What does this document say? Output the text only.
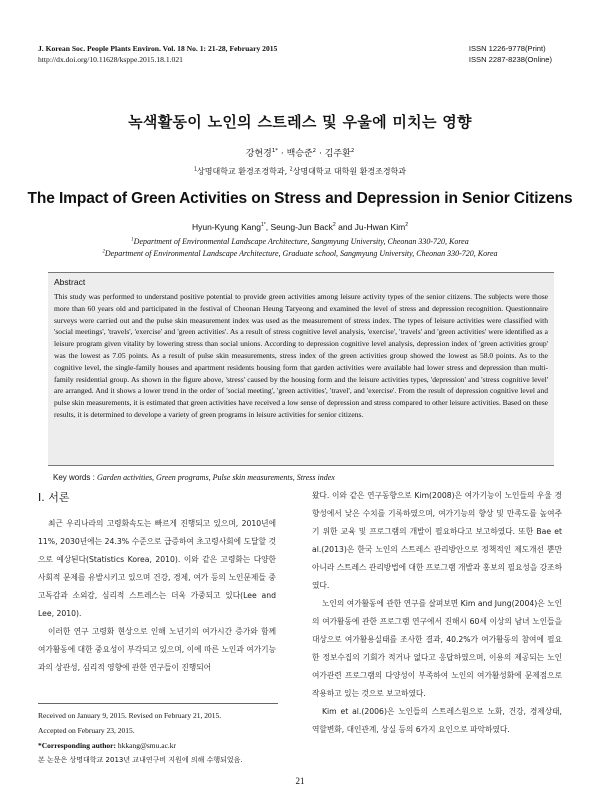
J. Korean Soc. People Plants Environ. Vol. 18 No. 1: 21-28, February 2015
http://dx.doi.org/10.11628/ksppe.2015.18.1.021
ISSN 1226-9778(Print)
ISSN 2287-8238(Online)
녹색활동이 노인의 스트레스 및 우울에 미치는 영향
강현경$^{1*}$ · 백승준$^2$ · 김주환$^2$
$^1$상명대학교 환경조경학과, $^2$상명대학교 대학원 환경조경학과
The Impact of Green Activities on Stress and Depression in Senior Citizens
Hyun-Kyung Kang$^{1*}$, Seung-Jun Back$^2$ and Ju-Hwan Kim$^2$
$^1$Department of Environmental Landscape Architecture, Sangmyung University, Cheonan 330-720, Korea
$^2$Department of Environmental Landscape Architecture, Graduate school, Sangmyung University, Cheonan 330-720, Korea
Abstract
This study was performed to understand positive potential to provide green activities among leisure activity types of the senior citizens. The subjects were those more than 60 years old and participated in the festival of Cheonan Heung Taryeong and examined the level of stress and depression recognition. Questionnaire surveys were carried out and the pulse skin measurement index was used as the measurement of stress index. The types of leisure activities were classified with 'social meetings', 'travels', 'exercise' and 'green activities'. As a result of stress cognitive level analysis, 'exercise', 'travels' and 'green activities' were identified as a leisure program given vitality by lowering stress than social unions. According to depression cognitive level analysis, depression index of 'green activities group' was the lowest as 7.05 points. As a result of pulse skin measurements, stress index of the green activities group showed the lowest as 58.0 points. As to the cognitive level, the single-family houses and apartment residents housing form that garden activities were available had lower stress and depression than multi-family residential group. As shown in the figure above, 'stress' caused by the housing form and the leisure activities types, 'depression' and 'stress cognitive level' are arranged. And it shows a lower trend in the order of 'social meeting', 'green activities', 'travel', and 'exercise'. From the result of depression cognitive level and pulse skin measurements, it is estimated that green activities have received a low sense of depression and stress compared to other leisure activities. Based on these results, it is determined to develope a variety of green programs in leisure activities for senior citizens.
Key words : Garden activities, Green programs, Pulse skin measurements, Stress index
Ⅰ. 서론

최근 우리나라의 고령화속도는 빠르게 진행되고 있으며, 2010년에 11%, 2030년에는 24.3% 수준으로 급증하여 초고령사회에 도달할 것으로 예상된다(Statistics Korea, 2010). 이와 같은 고령화는 다양한 사회적 문제를 유발시키고 있으며 건강, 경제, 여가 등의 노인문제들 중 고독감과 소외감, 심리적 스트레스는 더욱 가중되고 있다(Lee and Lee, 2010).

이러한 연구 고령화 현상으로 인해 노년기의 여가시간 증가와 함께 여가활동에 대한 중요성이 부각되고 있으며, 이에 따른 노인과 여가기능과의 상관성, 심리적 영향에 관한 연구들이 진행되어

왔다. 이와 같은 연구동향으로 Kim(2008)은 여가기능이 노인들의 우울 경향성에서 낮은 수치를 기록하였으며, 여가기능의 향상 및 만족도를 높여주기 위한 교육 및 프로그램의 개발이 필요하다고 보고하였다. 또한 Bae et al.(2013)은 한국 노인의 스트레스 관리방안으로 정책적인 제도개선 뿐만 아니라 스트레스 관리방법에 대한 프로그램 개발과 홍보의 필요성을 강조하였다.

노인의 여가활동에 관한 연구를 살펴보면 Kim and Jung(2004)은 노인의 여가활동에 관한 프로그램 연구에서 진해시 60세 이상의 남녀 노인들을 대상으로 여가활용실태를 조사한 결과, 40.2%가 여가활동의 참여에 필요한 정보수집의 기회가 적거나 없다고 응답하였으며, 이용의 제공되는 노인여가관련 프로그램의 다양성이 부족하여 노인의 여가활성화에 문제점으로 작용하고 있는 것으로 보고하였다.

Kim et al.(2006)은 노인들의 스트레스원으로 노화, 건강, 경제상태, 역할변화, 대인관계, 상실 등의 6가지 요인으로 파악하였다.

Received on January 9, 2015. Revised on February 21, 2015.
Accepted on February 23, 2015.
*Corresponding author: hkkang@smu.ac.kr
본 논문은 상명대학교 2013년 교내연구비 지원에 의해 수행되었음.
21
